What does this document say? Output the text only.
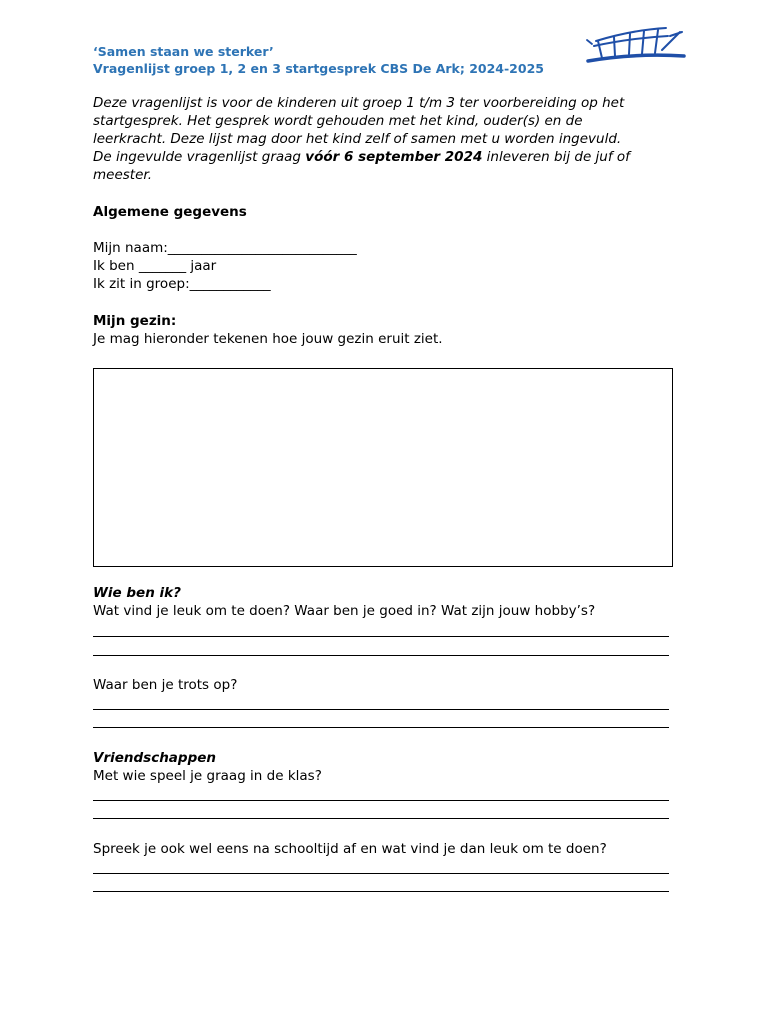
‘Samen staan we sterker’
Vragenlijst groep 1, 2 en 3 startgesprek CBS De Ark; 2024-2025
Deze vragenlijst is voor de kinderen uit groep 1 t/m 3 ter voorbereiding op het
startgesprek. Het gesprek wordt gehouden met het kind, ouder(s) en de
leerkracht. Deze lijst mag door het kind zelf of samen met u worden ingevuld.
De ingevulde vragenlijst graag vóór 6 september 2024 inleveren bij de juf of
meester.
Algemene gegevens
Mijn naam:____________________________
Ik ben _______ jaar
Ik zit in groep:____________
Mijn gezin:
Je mag hieronder tekenen hoe jouw gezin eruit ziet.
Wie ben ik?
Wat vind je leuk om te doen? Waar ben je goed in? Wat zijn jouw hobby’s?
Waar ben je trots op?
Vriendschappen
Met wie speel je graag in de klas?
Spreek je ook wel eens na schooltijd af en wat vind je dan leuk om te doen?
